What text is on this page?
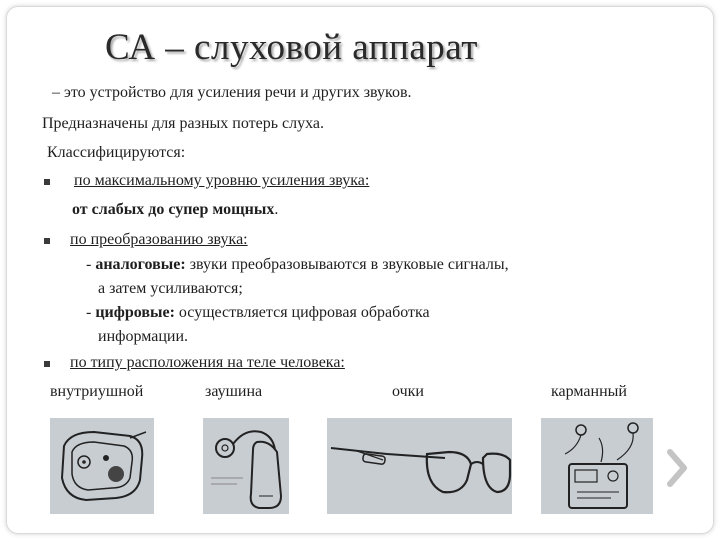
СА – слуховой аппарат
– это устройство для усиления речи и других звуков.
Предназначены для разных потерь слуха.
Классифицируются:
по максимальному уровню усиления звука:
от слабых до супер мощных.
по преобразованию звука:
- аналоговые: звуки преобразовываются в звуковые сигналы,
а затем усиливаются;
- цифровые: осуществляется цифровая обработка
информации.
по типу расположения на теле человека:
внутриушной	заушина	очки	карманный
